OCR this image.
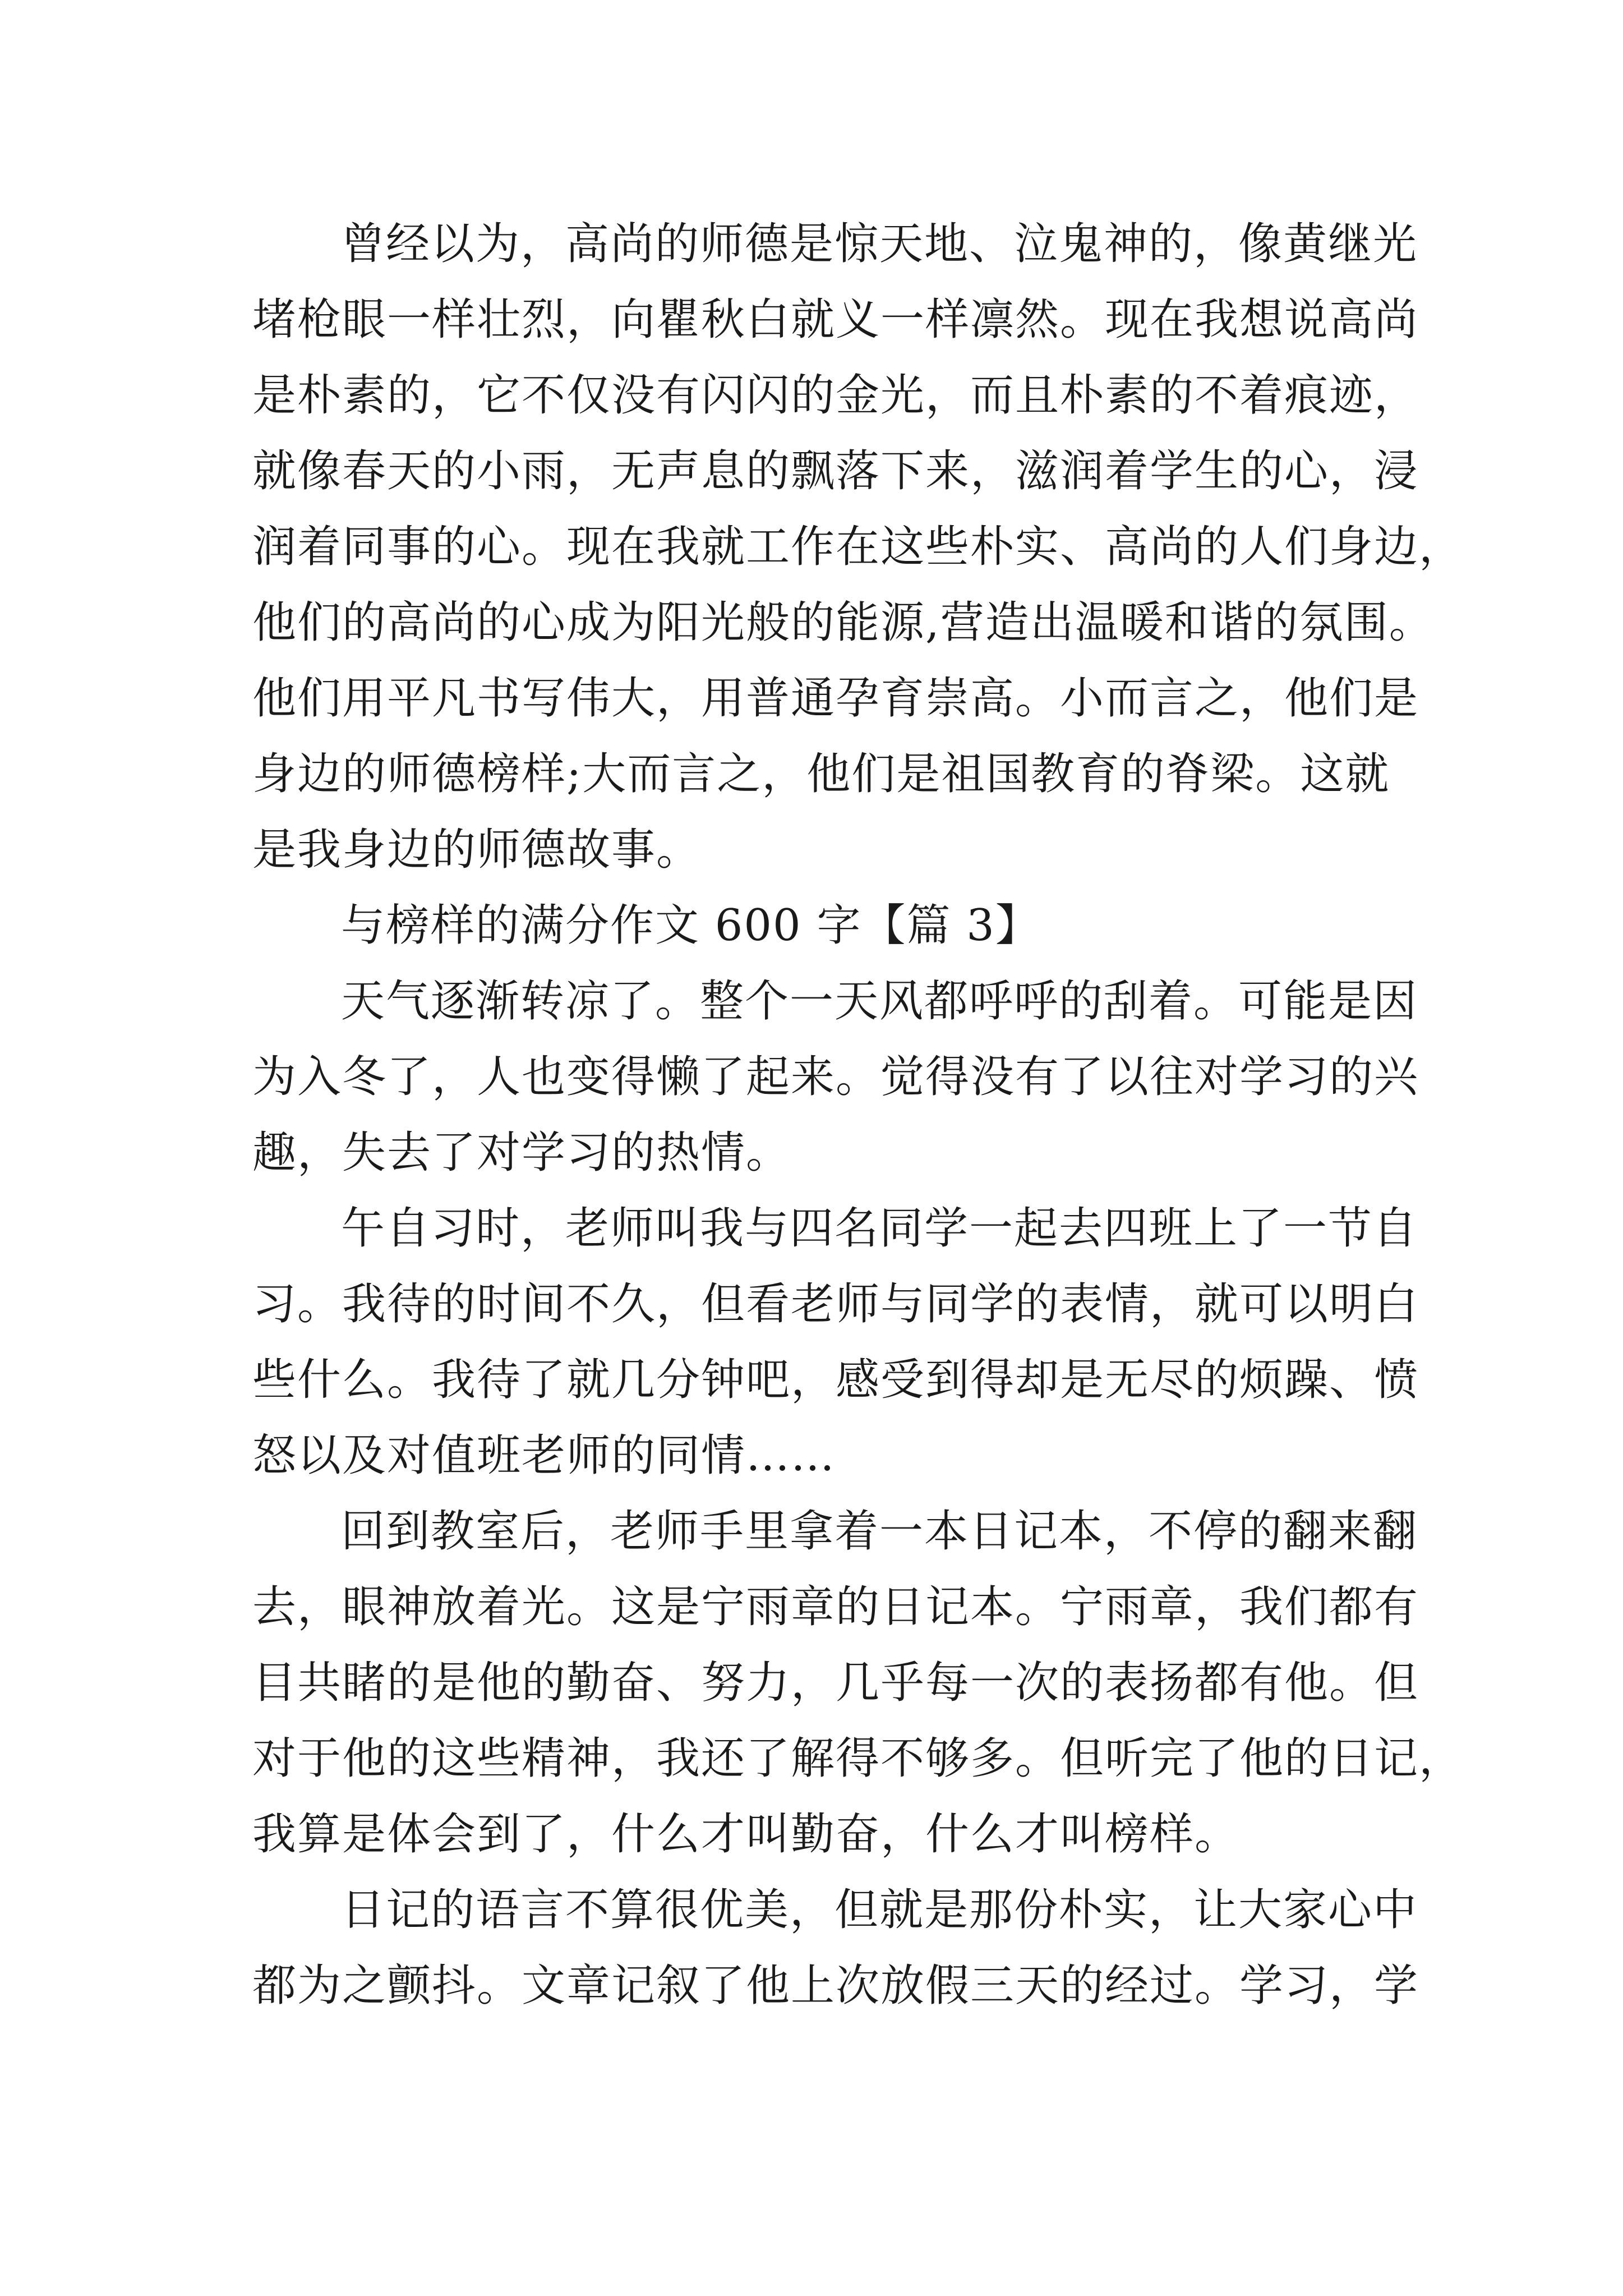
曾经以为，高尚的师德是惊天地、泣鬼神的，像黄继光
堵枪眼一样壮烈，向瞿秋白就义一样凛然。现在我想说高尚
是朴素的，它不仅没有闪闪的金光，而且朴素的不着痕迹，
就像春天的小雨，无声息的飘落下来，滋润着学生的心，浸
润着同事的心。现在我就工作在这些朴实、高尚的人们身边，
他们的高尚的心成为阳光般的能源,营造出温暖和谐的氛围。
他们用平凡书写伟大，用普通孕育崇高。小而言之，他们是
身边的师德榜样;大而言之，他们是祖国教育的脊梁。这就
是我身边的师德故事。
与榜样的满分作文 600 字【篇 3】
天气逐渐转凉了。整个一天风都呼呼的刮着。可能是因
为入冬了，人也变得懒了起来。觉得没有了以往对学习的兴
趣，失去了对学习的热情。
午自习时，老师叫我与四名同学一起去四班上了一节自
习。我待的时间不久，但看老师与同学的表情，就可以明白
些什么。我待了就几分钟吧，感受到得却是无尽的烦躁、愤
怒以及对值班老师的同情……
回到教室后，老师手里拿着一本日记本，不停的翻来翻
去，眼神放着光。这是宁雨章的日记本。宁雨章，我们都有
目共睹的是他的勤奋、努力，几乎每一次的表扬都有他。但
对于他的这些精神，我还了解得不够多。但听完了他的日记，
我算是体会到了，什么才叫勤奋，什么才叫榜样。
日记的语言不算很优美，但就是那份朴实，让大家心中
都为之颤抖。文章记叙了他上次放假三天的经过。学习，学
